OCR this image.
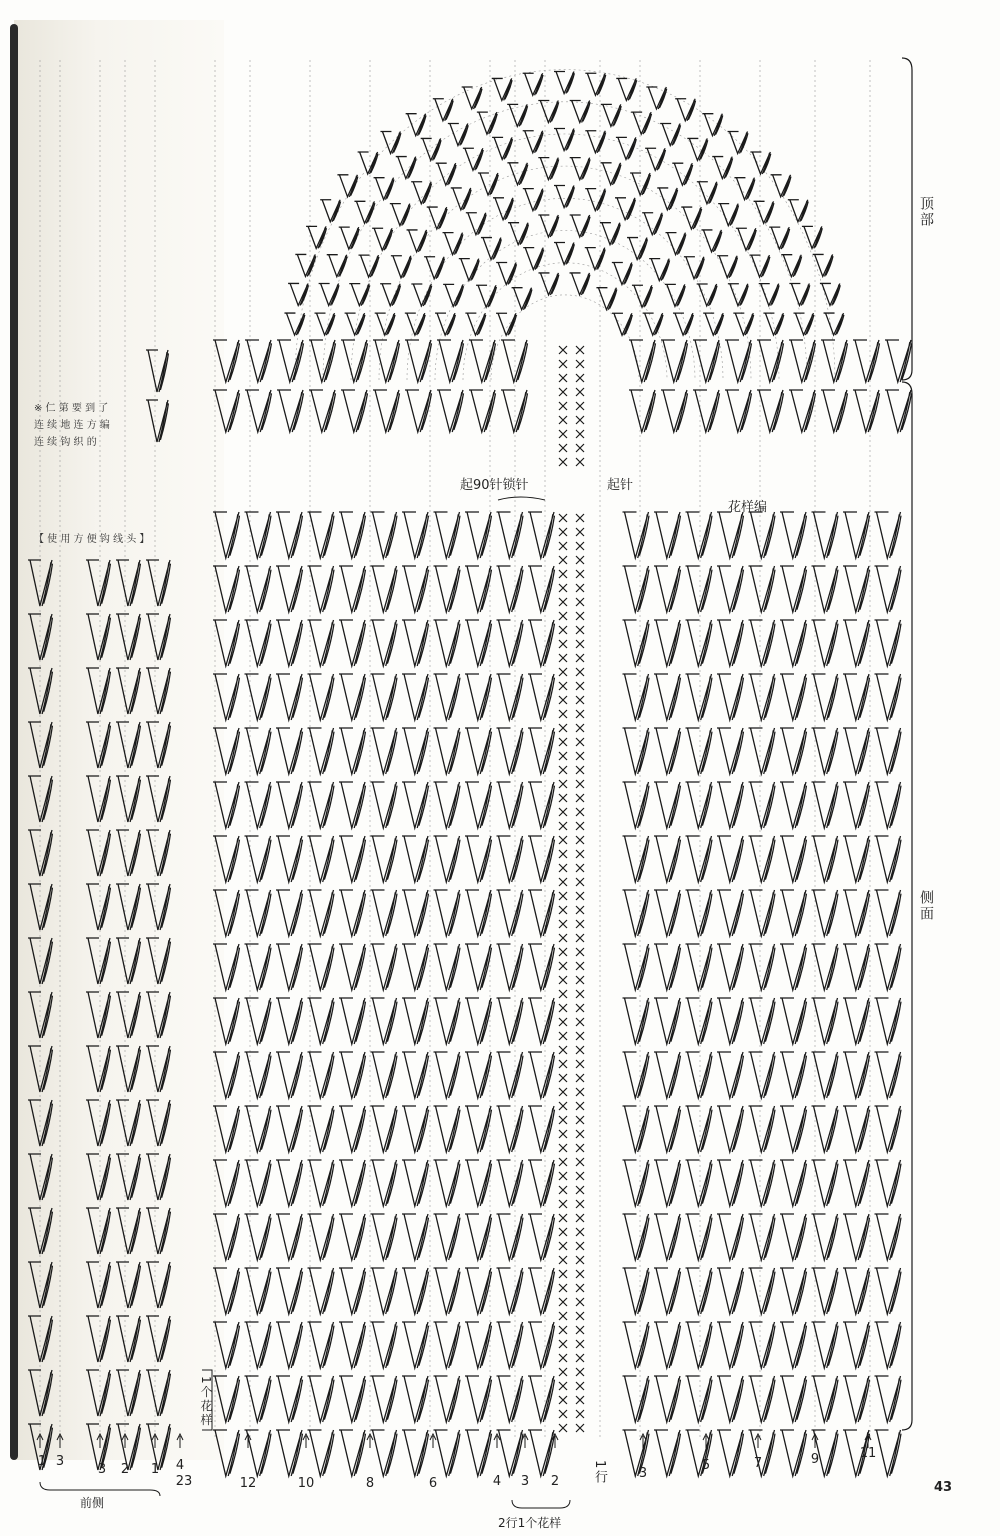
※ 仁 第 要 到 了
连 续 地 连 方 编
连 续 钩 织 的
【 使 用 方 便 钩 线 头 】
起90针锁针	起针
花样编
顶部
侧面
1个花样
2行1个花样
1行
前侧
43
1 3
3	2	1	4
23	12	10	8	6	4	3	2
3
5	7	9	11
